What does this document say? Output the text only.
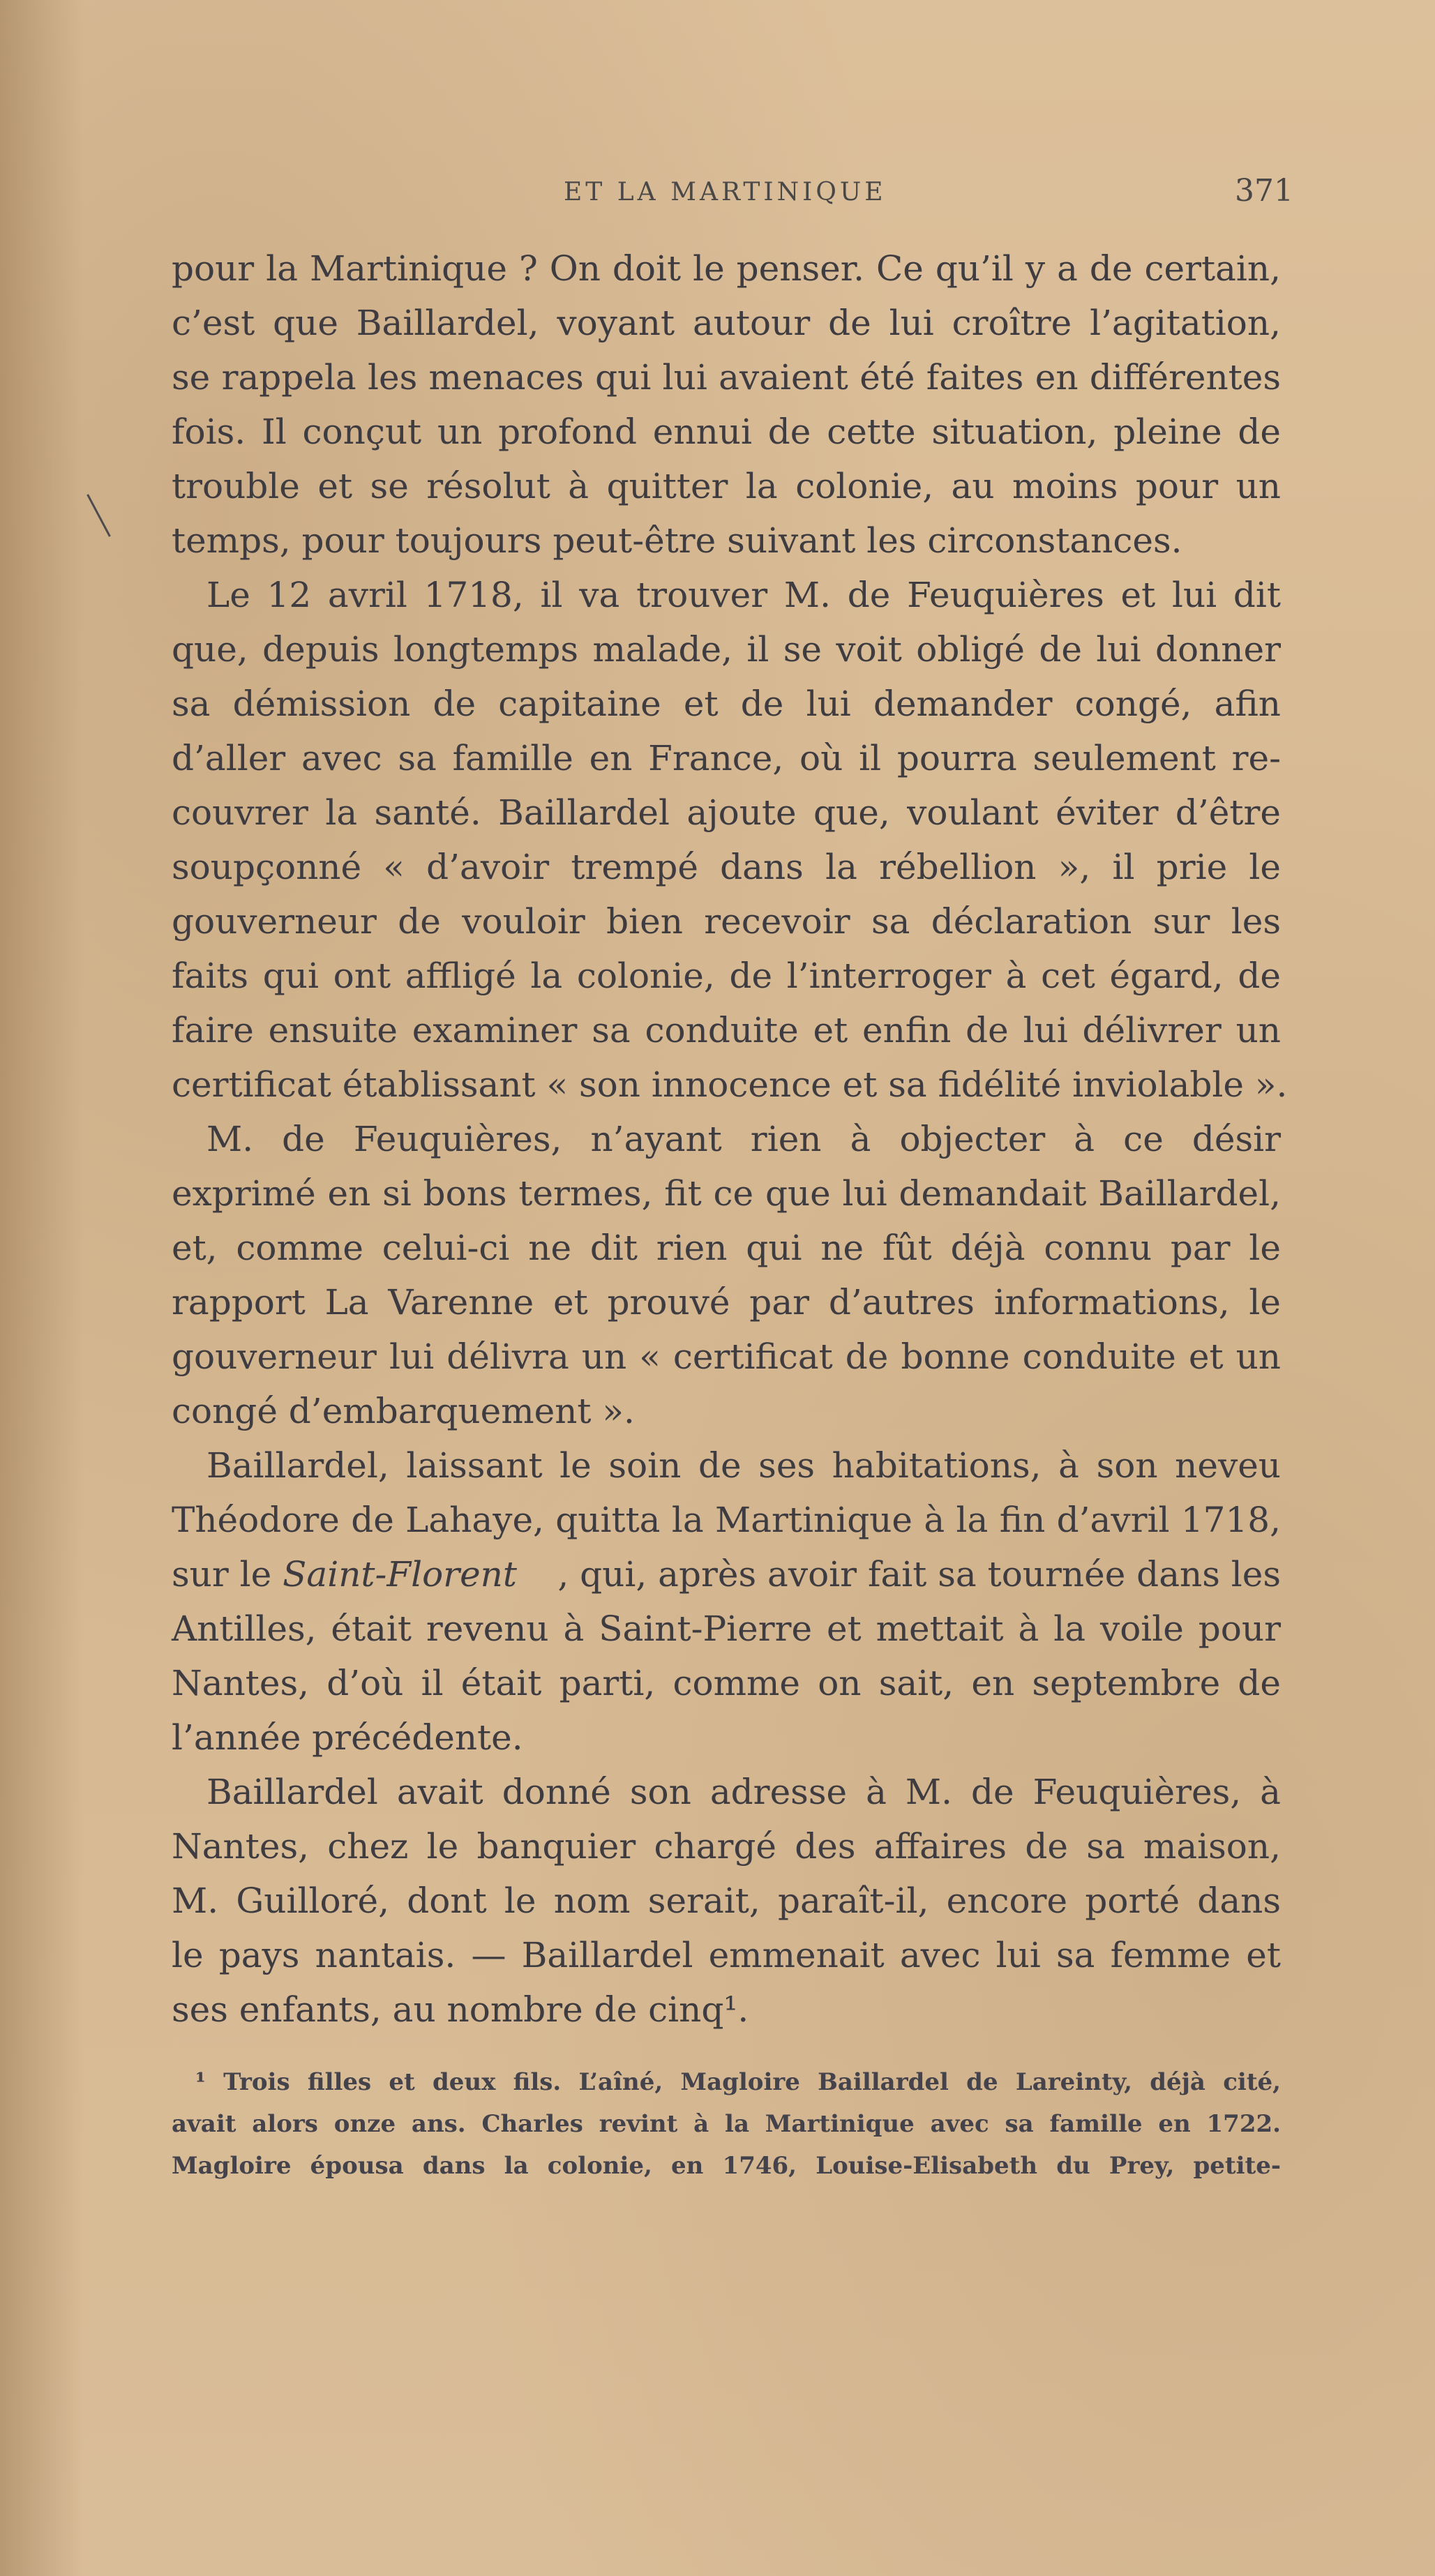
ET LA MARTINIQUE	371
pour la Martinique ? On doit le penser. Ce qu’il y a de certain,
c’est que Baillardel, voyant autour de lui croître l’agitation,
se rappela les menaces qui lui avaient été faites en différentes
fois. Il conçut un profond ennui de cette situation, pleine de
trouble et se résolut à quitter la colonie, au moins pour un
temps, pour toujours peut-être suivant les circonstances.
Le 12 avril 1718, il va trouver M. de Feuquières et lui dit
que, depuis longtemps malade, il se voit obligé de lui donner
sa démission de capitaine et de lui demander congé, afin
d’aller avec sa famille en France, où il pourra seulement re-
couvrer la santé. Baillardel ajoute que, voulant éviter d’être
soupçonné « d’avoir trempé dans la rébellion », il prie le
gouverneur de vouloir bien recevoir sa déclaration sur les
faits qui ont affligé la colonie, de l’interroger à cet égard, de
faire ensuite examiner sa conduite et enfin de lui délivrer un
certificat établissant « son innocence et sa fidélité inviolable ».
M. de Feuquières, n’ayant rien à objecter à ce désir
exprimé en si bons termes, fit ce que lui demandait Baillardel,
et, comme celui-ci ne dit rien qui ne fût déjà connu par le
rapport La Varenne et prouvé par d’autres informations, le
gouverneur lui délivra un « certificat de bonne conduite et un
congé d’embarquement ».
Baillardel, laissant le soin de ses habitations, à son neveu
Théodore de Lahaye, quitta la Martinique à la fin d’avril 1718,
sur le Saint-Florent , qui, après avoir fait sa tournée dans les
Antilles, était revenu à Saint-Pierre et mettait à la voile pour
Nantes, d’où il était parti, comme on sait, en septembre de
l’année précédente.
Baillardel avait donné son adresse à M. de Feuquières, à
Nantes, chez le banquier chargé des affaires de sa maison,
M. Guilloré, dont le nom serait, paraît-il, encore porté dans
le pays nantais. — Baillardel emmenait avec lui sa femme et
ses enfants, au nombre de cinq¹.
¹ Trois filles et deux fils. L’aîné, Magloire Baillardel de Lareinty, déjà cité,
avait alors onze ans. Charles revint à la Martinique avec sa famille en 1722.
Magloire épousa dans la colonie, en 1746, Louise-Elisabeth du Prey, petite-
